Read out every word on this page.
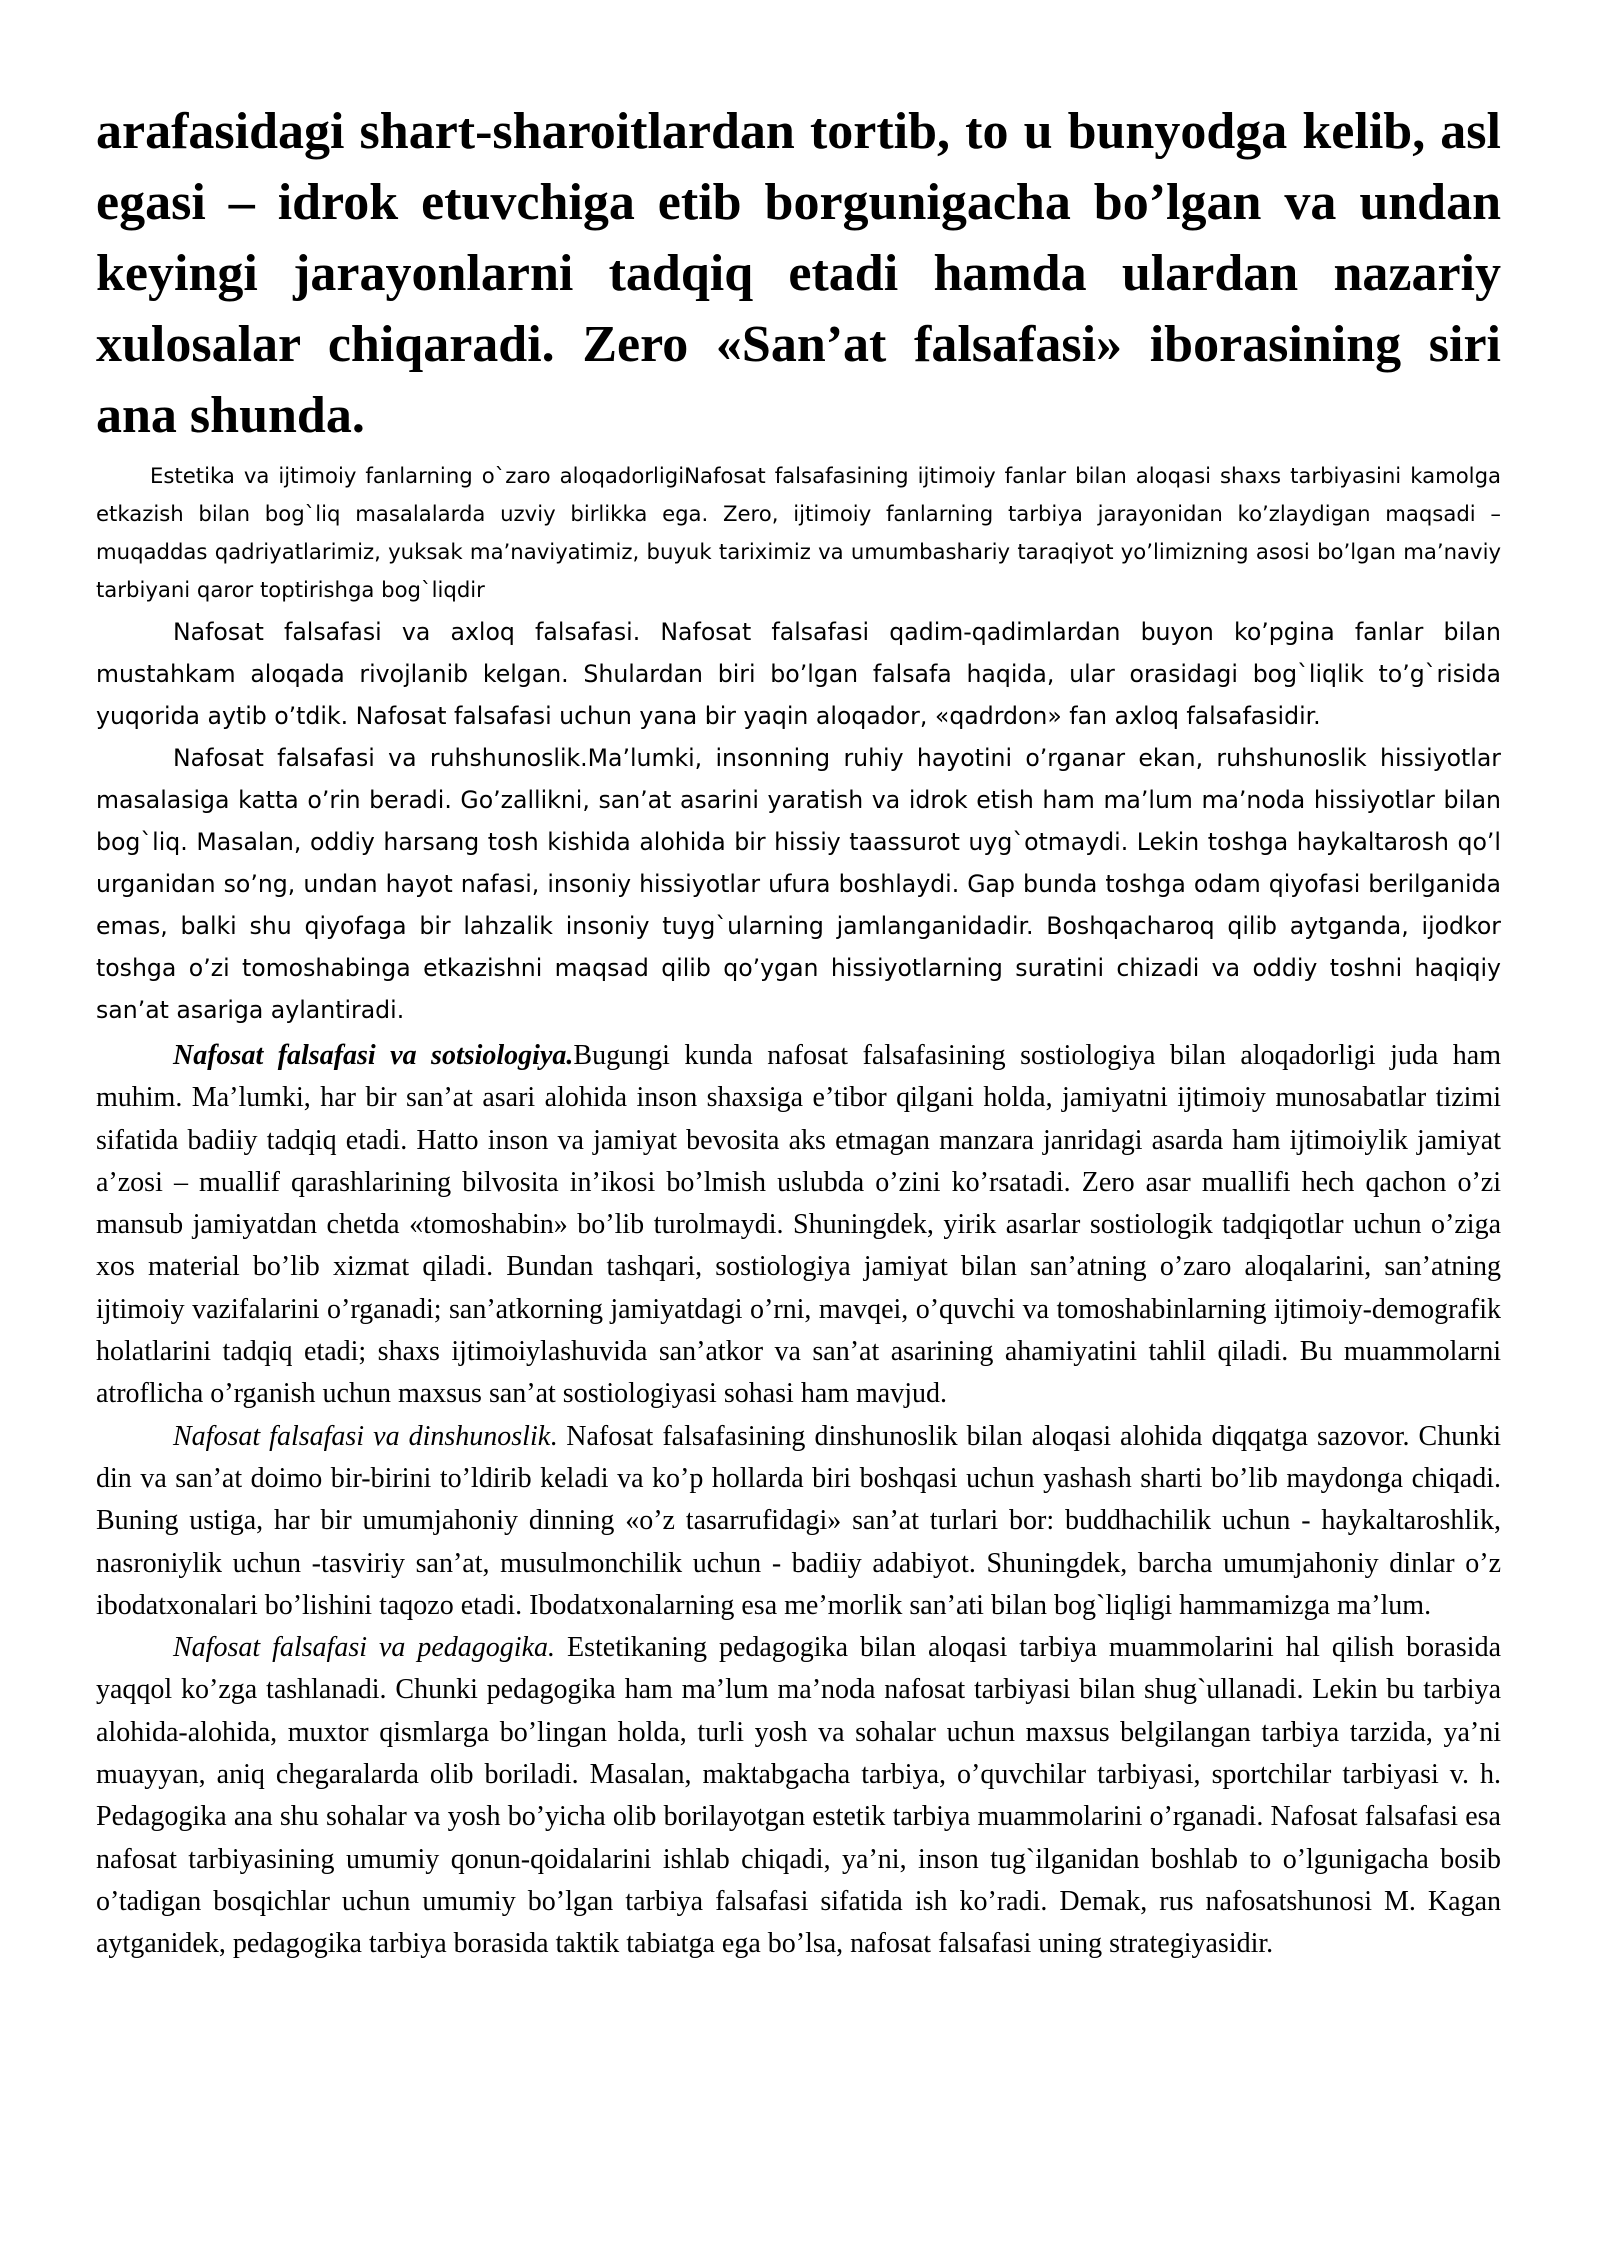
arafasidagi shart-sharoitlardan tortib, to u bunyodga kelib, asl egasi – idrok etuvchiga etib borgunigacha bo’lgan va undan keyingi jarayonlarni tadqiq etadi hamda ulardan nazariy xulosalar chiqaradi. Zero «San’at falsafasi» iborasining siri ana shunda.

Estetika va ijtimoiy fanlarning o`zaro aloqadorligiNafosat falsafasining ijtimoiy fanlar bilan aloqasi shaxs tarbiyasini kamolga etkazish bilan bog`liq masalalarda uzviy birlikka ega. Zero, ijtimoiy fanlarning tarbiya jarayonidan ko’zlaydigan maqsadi – muqaddas qadriyatlarimiz, yuksak ma’naviyatimiz, buyuk tariximiz va umumbashariy taraqiyot yo’limizning asosi bo’lgan ma’naviy tarbiyani qaror toptirishga bog`liqdir

Nafosat falsafasi va axloq falsafasi. Nafosat falsafasi qadim-qadimlardan buyon ko’pgina fanlar bilan mustahkam aloqada rivojlanib kelgan. Shulardan biri bo’lgan falsafa haqida, ular orasidagi bog`liqlik to’g`risida yuqorida aytib o’tdik. Nafosat falsafasi uchun yana bir yaqin aloqador, «qadrdon» fan axloq falsafasidir.

Nafosat falsafasi va ruhshunoslik.Ma’lumki, insonning ruhiy hayotini o’rganar ekan, ruhshunoslik hissiyotlar masalasiga katta o’rin beradi. Go’zallikni, san’at asarini yaratish va idrok etish ham ma’lum ma’noda hissiyotlar bilan bog`liq. Masalan, oddiy harsang tosh kishida alohida bir hissiy taassurot uyg`otmaydi. Lekin toshga haykaltarosh qo’l urganidan so’ng, undan hayot nafasi, insoniy hissiyotlar ufura boshlaydi. Gap bunda toshga odam qiyofasi berilganida emas, balki shu qiyofaga bir lahzalik insoniy tuyg`ularning jamlanganidadir. Boshqacharoq qilib aytganda, ijodkor toshga o’zi tomoshabinga etkazishni maqsad qilib qo’ygan hissiyotlarning suratini chizadi va oddiy toshni haqiqiy san’at asariga aylantiradi.

Nafosat falsafasi va sotsiologiya.Bugungi kunda nafosat falsafasining sostiologiya bilan aloqadorligi juda ham muhim. Ma’lumki, har bir san’at asari alohida inson shaxsiga e’tibor qilgani holda, jamiyatni ijtimoiy munosabatlar tizimi sifatida badiiy tadqiq etadi. Hatto inson va jamiyat bevosita aks etmagan manzara janridagi asarda ham ijtimoiylik jamiyat a’zosi – muallif qarashlarining bilvosita in’ikosi bo’lmish uslubda o’zini ko’rsatadi. Zero asar muallifi hech qachon o’zi mansub jamiyatdan chetda «tomoshabin» bo’lib turolmaydi. Shuningdek, yirik asarlar sostiologik tadqiqotlar uchun o’ziga xos material bo’lib xizmat qiladi. Bundan tashqari, sostiologiya jamiyat bilan san’atning o’zaro aloqalarini, san’atning ijtimoiy vazifalarini o’rganadi; san’atkorning jamiyatdagi o’rni, mavqei, o’quvchi va tomoshabinlarning ijtimoiy-demografik holatlarini tadqiq etadi; shaxs ijtimoiylashuvida san’atkor va san’at asarining ahamiyatini tahlil qiladi. Bu muammolarni atroflicha o’rganish uchun maxsus san’at sostiologiyasi sohasi ham mavjud.

Nafosat falsafasi va dinshunoslik. Nafosat falsafasining dinshunoslik bilan aloqasi alohida diqqatga sazovor. Chunki din va san’at doimo bir-birini to’ldirib keladi va ko’p hollarda biri boshqasi uchun yashash sharti bo’lib maydonga chiqadi. Buning ustiga, har bir umumjahoniy dinning «o’z tasarrufidagi» san’at turlari bor: buddhachilik uchun - haykaltaroshlik, nasroniylik uchun -tasviriy san’at, musulmonchilik uchun - badiiy adabiyot. Shuningdek, barcha umumjahoniy dinlar o’z ibodatxonalari bo’lishini taqozo etadi. Ibodatxonalarning esa me’morlik san’ati bilan bog`liqligi hammamizga ma’lum.

Nafosat falsafasi va pedagogika. Estetikaning pedagogika bilan aloqasi tarbiya muammolarini hal qilish borasida yaqqol ko’zga tashlanadi. Chunki pedagogika ham ma’lum ma’noda nafosat tarbiyasi bilan shug`ullanadi. Lekin bu tarbiya alohida-alohida, muxtor qismlarga bo’lingan holda, turli yosh va sohalar uchun maxsus belgilangan tarbiya tarzida, ya’ni muayyan, aniq chegaralarda olib boriladi. Masalan, maktabgacha tarbiya, o’quvchilar tarbiyasi, sportchilar tarbiyasi v. h. Pedagogika ana shu sohalar va yosh bo’yicha olib borilayotgan estetik tarbiya muammolarini o’rganadi. Nafosat falsafasi esa nafosat tarbiyasining umumiy qonun-qoidalarini ishlab chiqadi, ya’ni, inson tug`ilganidan boshlab to o’lgunigacha bosib o’tadigan bosqichlar uchun umumiy bo’lgan tarbiya falsafasi sifatida ish ko’radi. Demak, rus nafosatshunosi M. Kagan aytganidek, pedagogika tarbiya borasida taktik tabiatga ega bo’lsa, nafosat falsafasi uning strategiyasidir.
